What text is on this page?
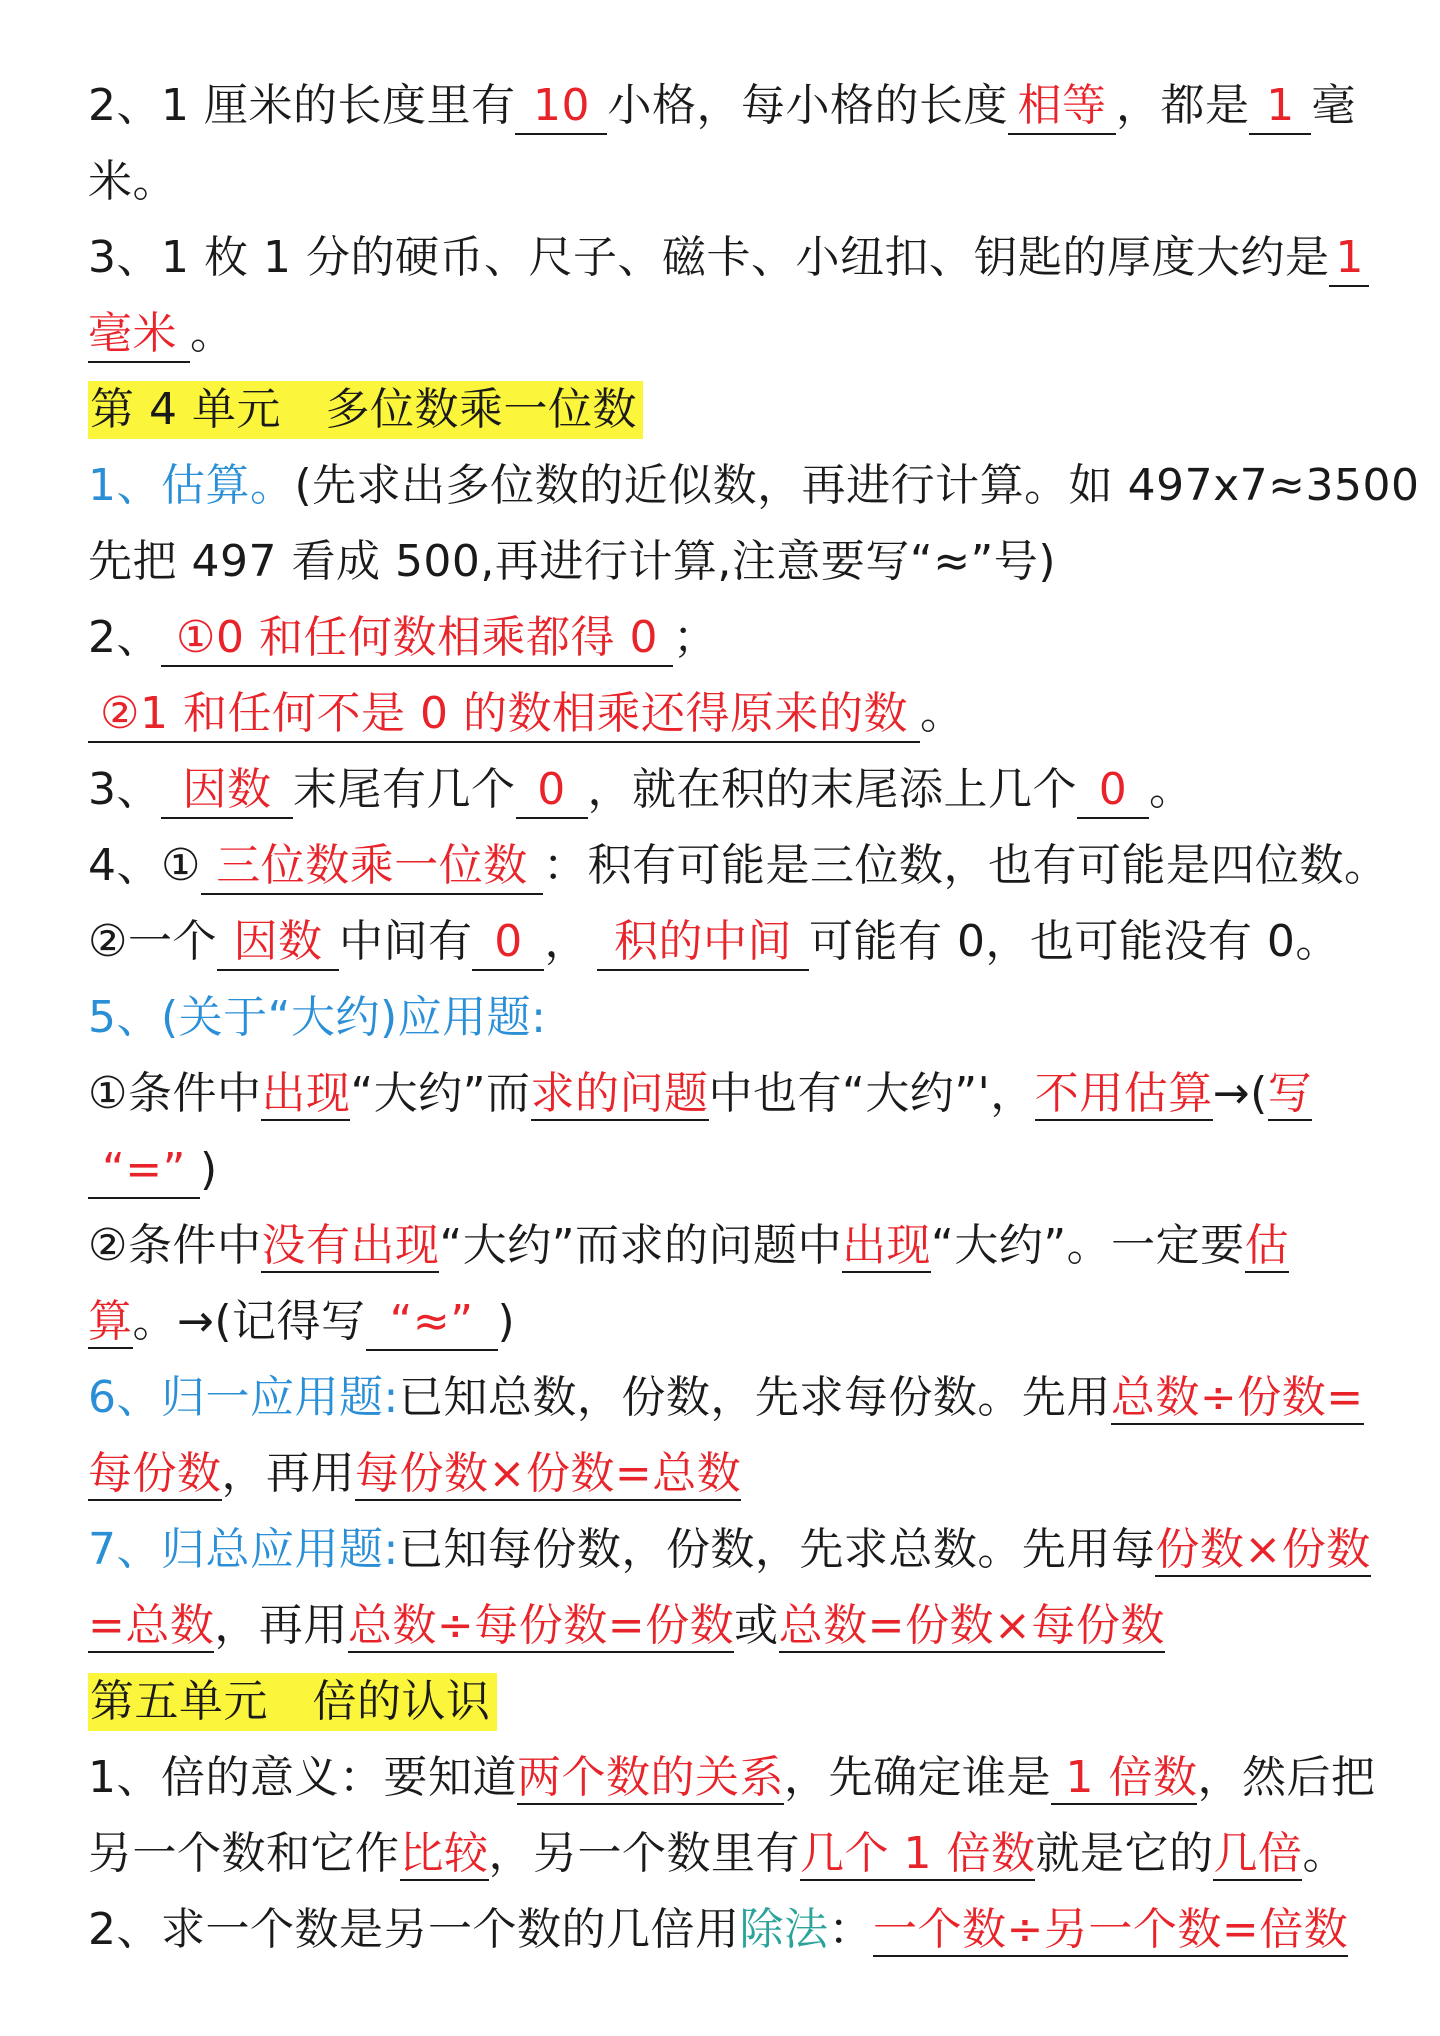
2、1 厘米的长度里有 10 小格，每小格的长度 相等 ，都是 1 毫
米。
3、1 枚 1 分的硬币、尺子、磁卡、小纽扣、钥匙的厚度大约是 1
毫米 。
第 4 单元　多位数乘一位数
1、估算。(先求出多位数的近似数，再进行计算。如 497x7≈3500
先把 497 看成 500,再进行计算,注意要写“≈”号)
2、 ①0 和任何数相乘都得 0 ；
②1 和任何不是 0 的数相乘还得原来的数 。
3、 因数 末尾有几个 0 ，就在积的末尾添上几个 0 。
4、① 三位数乘一位数 ：积有可能是三位数，也有可能是四位数。
②一个 因数 中间有 0 ， 积的中间 可能有 0，也可能没有 0。
5、(关于“大约)应用题:
①条件中出现“大约”而求的问题中也有“大约”'，不用估算→(写
“=” )
②条件中没有出现“大约”而求的问题中出现“大约”。一定要估
算。→(记得写 “≈” )
6、归一应用题:已知总数，份数，先求每份数。先用总数÷份数=
每份数，再用每份数×份数=总数
7、归总应用题:已知每份数，份数，先求总数。先用每份数×份数
=总数，再用总数÷每份数=份数或总数=份数×每份数
第五单元　倍的认识
1、倍的意义：要知道两个数的关系，先确定谁是 1 倍数，然后把
另一个数和它作比较，另一个数里有几个 1 倍数就是它的几倍。
2、求一个数是另一个数的几倍用除法：一个数÷另一个数=倍数
